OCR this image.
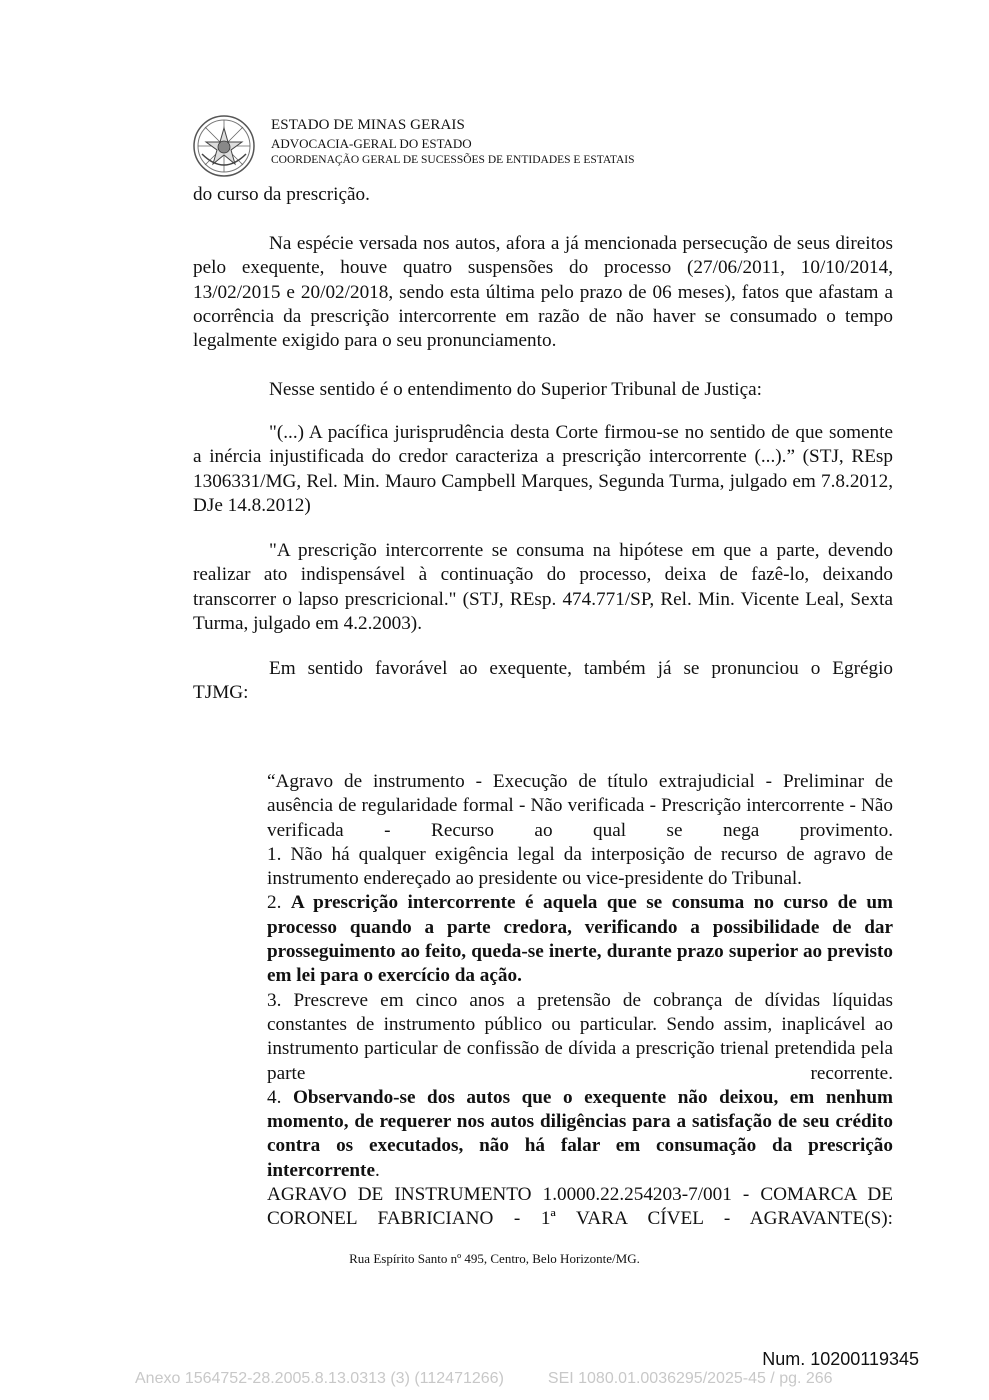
ESTADO DE MINAS GERAIS
ADVOCACIA-GERAL DO ESTADO
COORDENAÇÃO GERAL DE SUCESSÕES DE ENTIDADES E ESTATAIS

do curso da prescrição.

Na espécie versada nos autos, afora a já mencionada persecução de seus direitos pelo exequente, houve quatro suspensões do processo (27/06/2011, 10/10/2014, 13/02/2015 e 20/02/2018, sendo esta última pelo prazo de 06 meses), fatos que afastam a ocorrência da prescrição intercorrente em razão de não haver se consumado o tempo legalmente exigido para o seu pronunciamento.

Nesse sentido é o entendimento do Superior Tribunal de Justiça:

"(...) A pacífica jurisprudência desta Corte firmou-se no sentido de que somente a inércia injustificada do credor caracteriza a prescrição intercorrente (...).” (STJ, REsp 1306331/MG, Rel. Min. Mauro Campbell Marques, Segunda Turma, julgado em 7.8.2012, DJe 14.8.2012)

"A prescrição intercorrente se consuma na hipótese em que a parte, devendo realizar ato indispensável à continuação do processo, deixa de fazê-lo, deixando transcorrer o lapso prescricional." (STJ, REsp. 474.771/SP, Rel. Min. Vicente Leal, Sexta Turma, julgado em 4.2.2003).

Em sentido favorável ao exequente, também já se pronunciou o Egrégio

TJMG:

“Agravo de instrumento - Execução de título extrajudicial - Preliminar de ausência de regularidade formal - Não verificada - Prescrição intercorrente - Não verificada - Recurso ao qual se nega provimento.

1. Não há qualquer exigência legal da interposição de recurso de agravo de instrumento endereçado ao presidente ou vice-presidente do Tribunal.

2. A prescrição intercorrente é aquela que se consuma no curso de um processo quando a parte credora, verificando a possibilidade de dar prosseguimento ao feito, queda-se inerte, durante prazo superior ao previsto em lei para o exercício da ação.

3. Prescreve em cinco anos a pretensão de cobrança de dívidas líquidas constantes de instrumento público ou particular. Sendo assim, inaplicável ao instrumento particular de confissão de dívida a prescrição trienal pretendida pela parte recorrente.

4. Observando-se dos autos que o exequente não deixou, em nenhum momento, de requerer nos autos diligências para a satisfação de seu crédito contra os executados, não há falar em consumação da prescrição intercorrente.

AGRAVO DE INSTRUMENTO 1.0000.22.254203-7/001 - COMARCA DE CORONEL FABRICIANO - 1ª VARA CÍVEL - AGRAVANTE(S):

Rua Espírito Santo nº 495, Centro, Belo Horizonte/MG.
Num. 10200119345
Anexo 1564752-28.2005.8.13.0313 (3) (112471266)	SEI 1080.01.0036295/2025-45 / pg. 266
